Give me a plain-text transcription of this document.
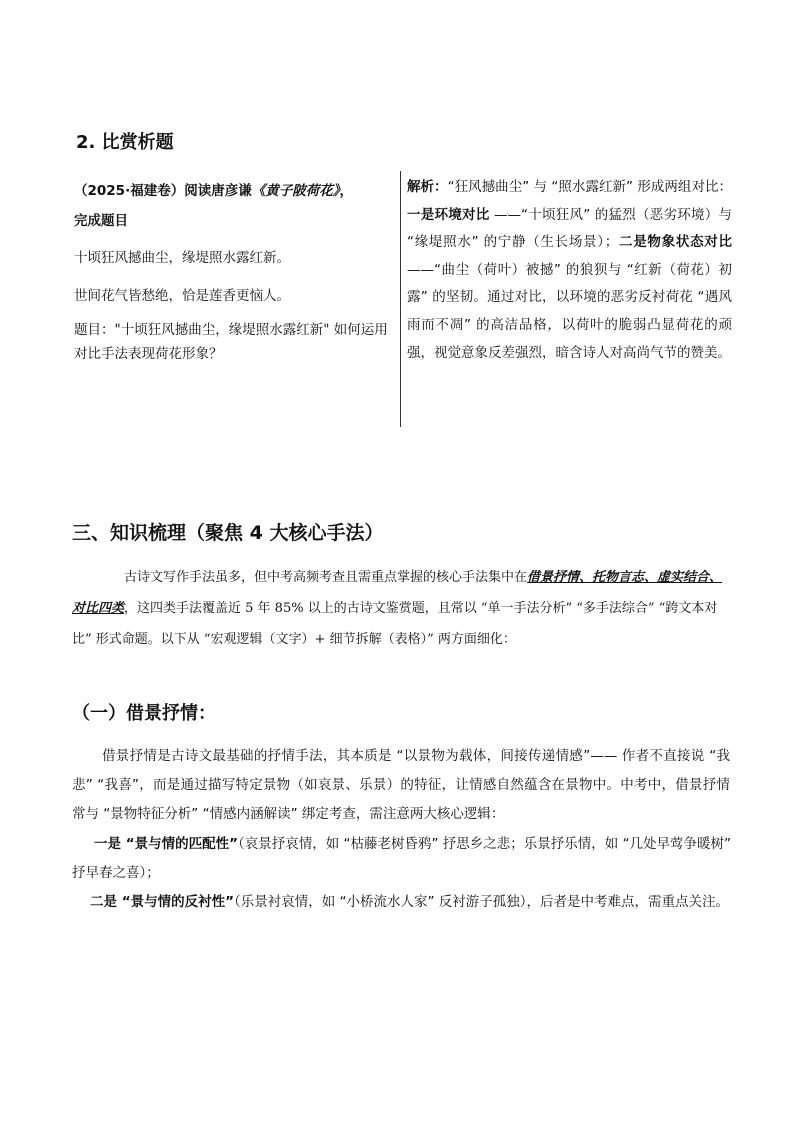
2. 比赏析题
（2025·福建卷）阅读唐彦谦《黄子陂荷花》，
完成题目

十顷狂风撼曲尘，缘堤照水露红新。

世间花气皆愁绝，恰是莲香更恼人。

题目："十顷狂风撼曲尘，缘堤照水露红新" 如何运用对比手法表现荷花形象？

解析：“狂风撼曲尘” 与 “照水露红新” 形成两组对比：一是环境对比 ——“十顷狂风” 的猛烈（恶劣环境）与 “缘堤照水” 的宁静（生长场景）；二是物象状态对比 ——“曲尘（荷叶）被撼” 的狼狈与 “红新（荷花）初露” 的坚韧。通过对比，以环境的恶劣反衬荷花 “遇风雨而不凋” 的高洁品格，以荷叶的脆弱凸显荷花的顽强，视觉意象反差强烈，暗含诗人对高尚气节的赞美。
三、知识梳理（聚焦 4 大核心手法）
古诗文写作手法虽多，但中考高频考查且需重点掌握的核心手法集中在借景抒情、托物言志、虚实结合、对比四类，这四类手法覆盖近 5 年 85% 以上的古诗文鉴赏题，且常以 “单一手法分析” “多手法综合” “跨文本对比” 形式命题。以下从 “宏观逻辑（文字）+ 细节拆解（表格）” 两方面细化：
（一）借景抒情：
借景抒情是古诗文最基础的抒情手法，其本质是 “以景物为载体，间接传递情感”—— 作者不直接说 “我悲” “我喜”，而是通过描写特定景物（如哀景、乐景）的特征，让情感自然蕴含在景物中。中考中，借景抒情常与 “景物特征分析” “情感内涵解读” 绑定考查，需注意两大核心逻辑：
一是 “景与情的匹配性”（哀景抒哀情，如 “枯藤老树昏鸦” 抒思乡之悲；乐景抒乐情，如 “几处早莺争暖树” 抒早春之喜）；
二是 “景与情的反衬性”（乐景衬哀情，如 “小桥流水人家” 反衬游子孤独），后者是中考难点，需重点关注。
